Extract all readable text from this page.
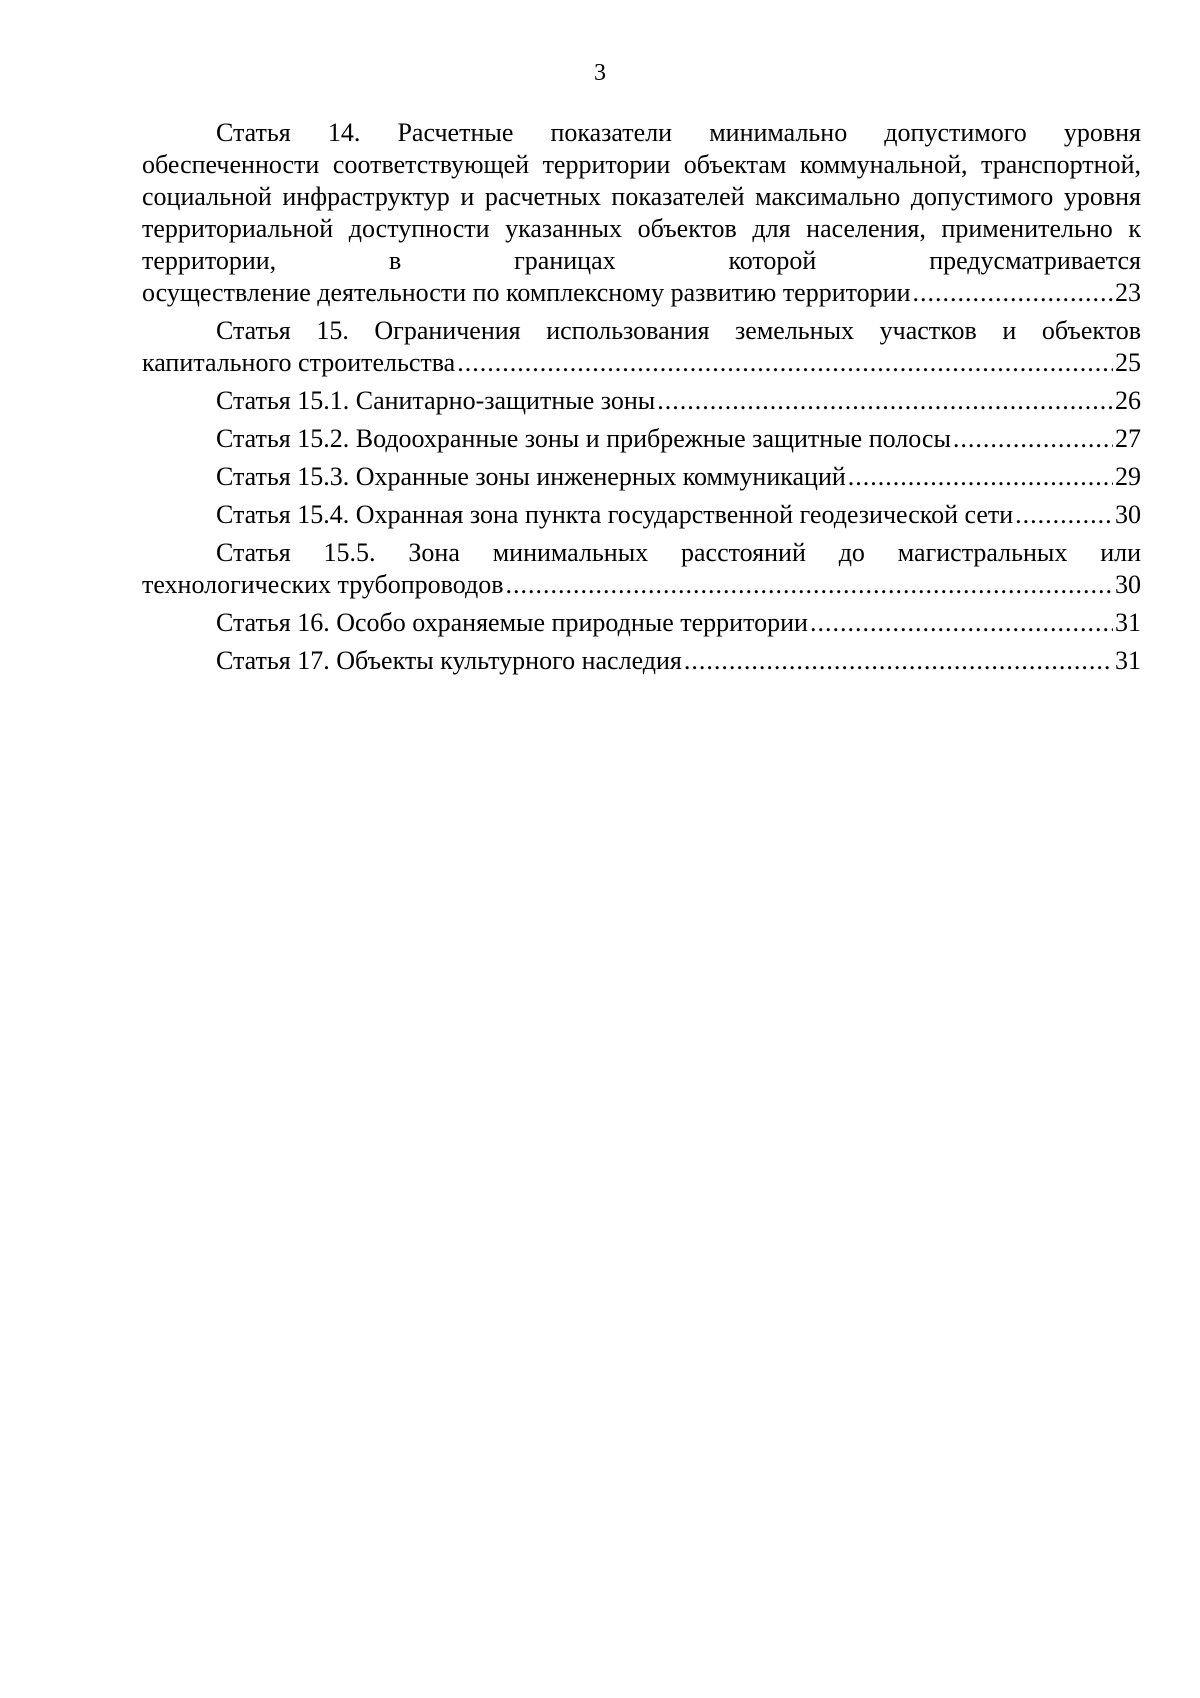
3
Статья 14. Расчетные показатели минимально допустимого уровня обеспеченности соответствующей территории объектам коммунальной, транспортной, социальной инфраструктур и расчетных показателей максимально допустимого уровня территориальной доступности указанных объектов для населения, применительно к территории, в границах которой предусматривается
осуществление деятельности по комплексному развитию территории .....	23
Статья 15. Ограничения использования земельных участков и объектов
капитального строительства .....	25
Статья 15.1. Санитарно-защитные зоны .....	26
Статья 15.2. Водоохранные зоны и прибрежные защитные полосы .....	27
Статья 15.3. Охранные зоны инженерных коммуникаций .....	29
Статья 15.4. Охранная зона пункта государственной геодезической сети .....	30
Статья 15.5. Зона минимальных расстояний до магистральных или
технологических трубопроводов .....	30
Статья 16. Особо охраняемые природные территории .....	31
Статья 17. Объекты культурного наследия .....	31
